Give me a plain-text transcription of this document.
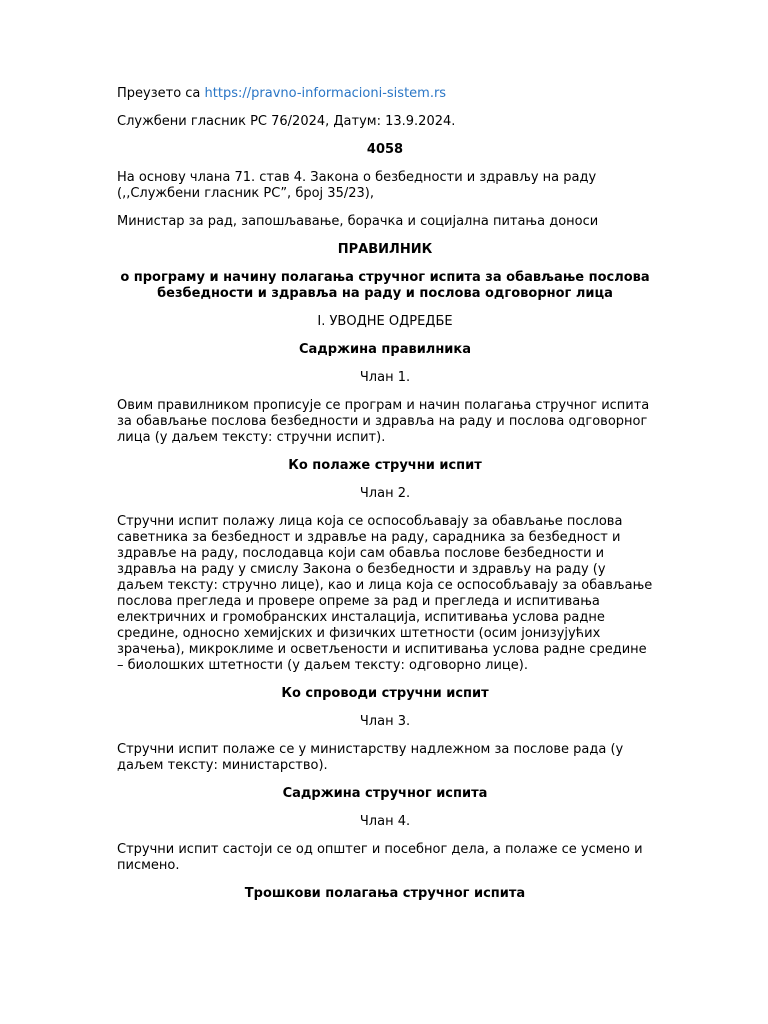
Преузето са https://pravno-informacioni-sistem.rs

Службени гласник РС 76/2024, Датум: 13.9.2024.

4058

На основу члана 71. став 4. Закона о безбедности и здрављу на раду (,,Службени гласник РС”, број 35/23),

Министар за рад, запошљавање, борачка и социјална питања доноси

ПРАВИЛНИК

о програму и начину полагања стручног испита за обављање послова безбедности и здравља на раду и послова одговорног лица

I. УВОДНЕ ОДРЕДБЕ

Садржина правилника

Члан 1.

Овим правилником прописује се програм и начин полагања стручног испита за обављање послова безбедности и здравља на раду и послова одговорног лица (у даљем тексту: стручни испит).

Ко полаже стручни испит

Члан 2.

Стручни испит полажу лица која се оспособљавају за обављање послова саветника за безбедност и здравље на раду, сарадника за безбедност и здравље на раду, послодавца који сам обавља послове безбедности и здравља на раду у смислу Закона о безбедности и здрављу на раду (у даљем тексту: стручно лице), као и лица која се оспособљавају за обављање послова прегледа и провере опреме за рад и прегледа и испитивања електричних и громобранских инсталација, испитивања услова радне средине, односно хемијских и физичких штетности (осим јонизујућих зрачења), микроклиме и осветљености и испитивања услова радне средине – биолошких штетности (у даљем тексту: одговорно лице).

Ко спроводи стручни испит

Члан 3.

Стручни испит полаже се у министарству надлежном за послове рада (у даљем тексту: министарство).

Садржина стручног испита

Члан 4.

Стручни испит састоји се од општег и посебног дела, а полаже се усмено и писмено.

Трошкови полагања стручног испита
